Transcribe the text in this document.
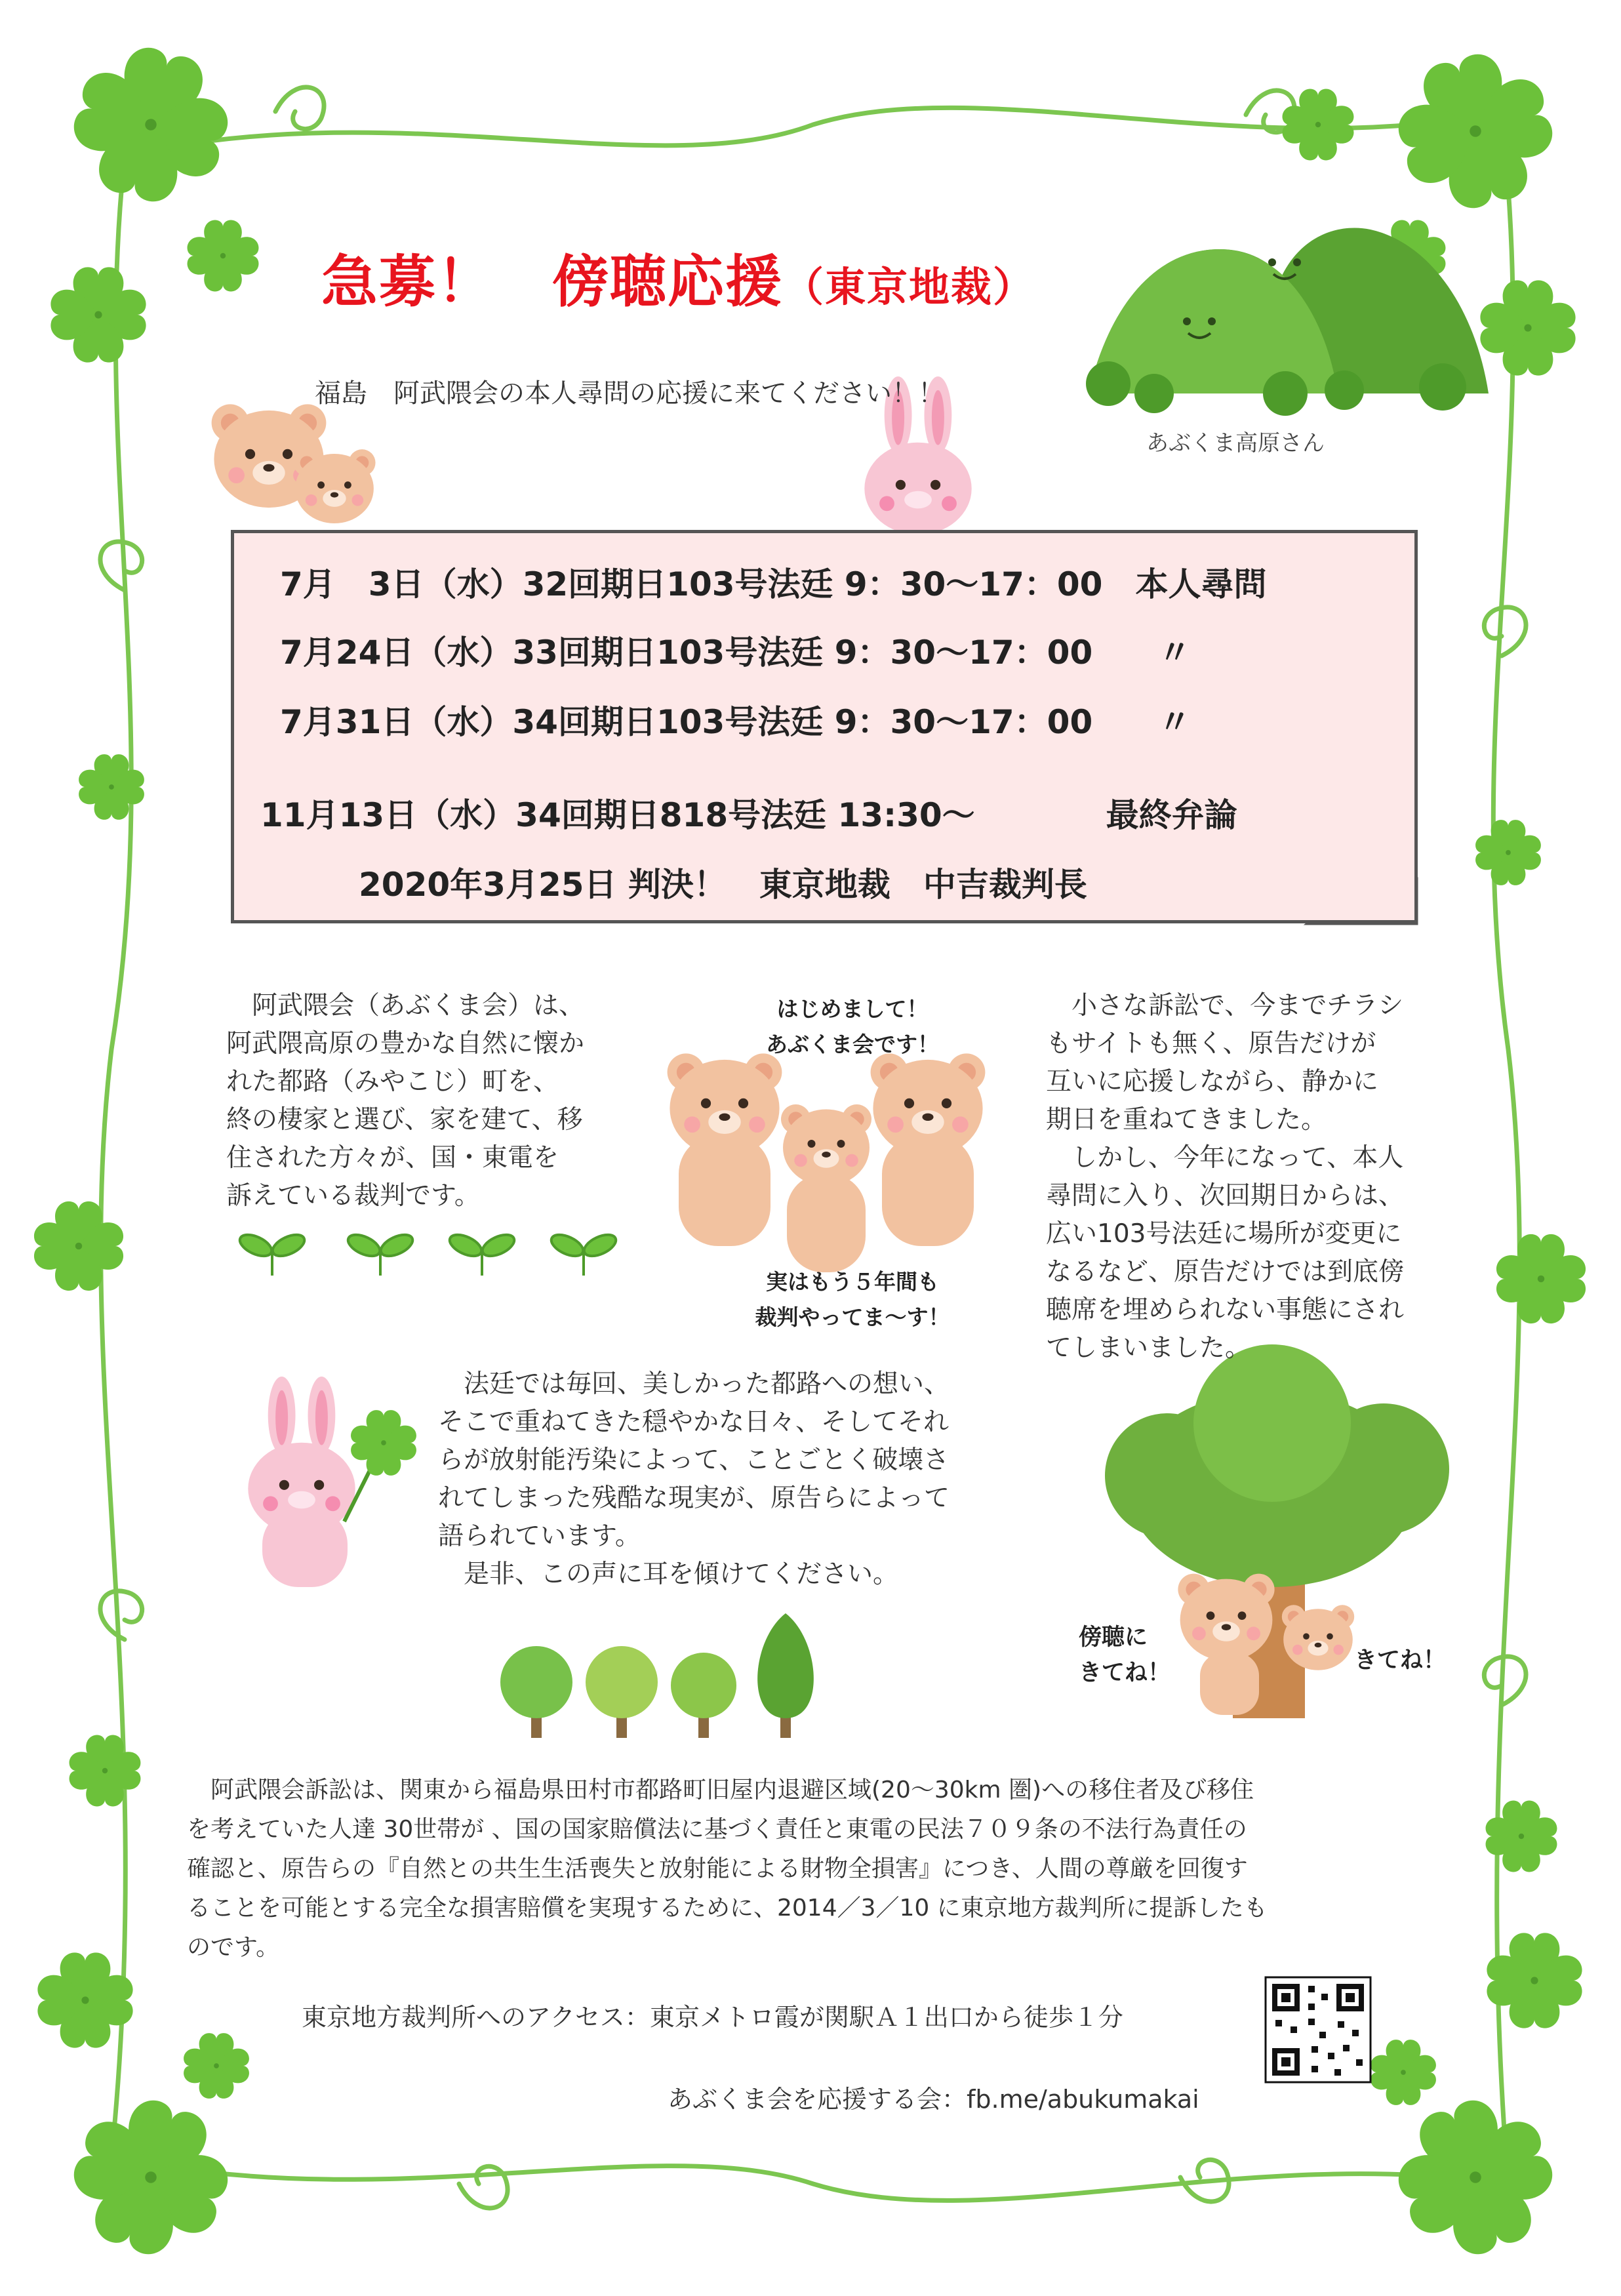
急募！　傍聴応援（東京地裁）
福島　阿武隈会の本人尋問の応援に来てください！！
あぶくま高原さん
7月　3日（水）32回期日103号法廷 9：30〜17：00　本人尋問
7月24日（水）33回期日103号法廷 9：30〜17：00　　〃
7月31日（水）34回期日103号法廷 9：30〜17：00　　〃
11月13日（水）34回期日818号法廷 13:30〜　　　　最終弁論
2020年3月25日 判決！　東京地裁　中吉裁判長
　阿武隈会（あぶくま会）は、
阿武隈高原の豊かな自然に懐か
れた都路（みやこじ）町を、
終の棲家と選び、家を建て、移
住された方々が、国・東電を
訴えている裁判です。
はじめまして！
あぶくま会です！
実はもう５年間も
裁判やってま〜す！
　小さな訴訟で、今までチラシ
もサイトも無く、原告だけが
互いに応援しながら、静かに
期日を重ねてきました。
　しかし、今年になって、本人
尋問に入り、次回期日からは、
広い103号法廷に場所が変更に
なるなど、原告だけでは到底傍
聴席を埋められない事態にされ
てしまいました。
　法廷では毎回、美しかった都路への想い、
そこで重ねてきた穏やかな日々、そしてそれ
らが放射能汚染によって、ことごとく破壊さ
れてしまった残酷な現実が、原告らによって
語られています。
　是非、この声に耳を傾けてください。
傍聴に
きてね！	きてね！
　阿武隈会訴訟は、関東から福島県田村市都路町旧屋内退避区域(20〜30km 圏)への移住者及び移住
を考えていた人達 30世帯が 、国の国家賠償法に基づく責任と東電の民法７０９条の不法行為責任の
確認と、原告らの『自然との共生生活喪失と放射能による財物全損害』につき、人間の尊厳を回復す
ることを可能とする完全な損害賠償を実現するために、2014／3／10 に東京地方裁判所に提訴したも
のです。
東京地方裁判所へのアクセス：東京メトロ霞が関駅Ａ１出口から徒歩１分
あぶくま会を応援する会：fb.me/abukumakai
